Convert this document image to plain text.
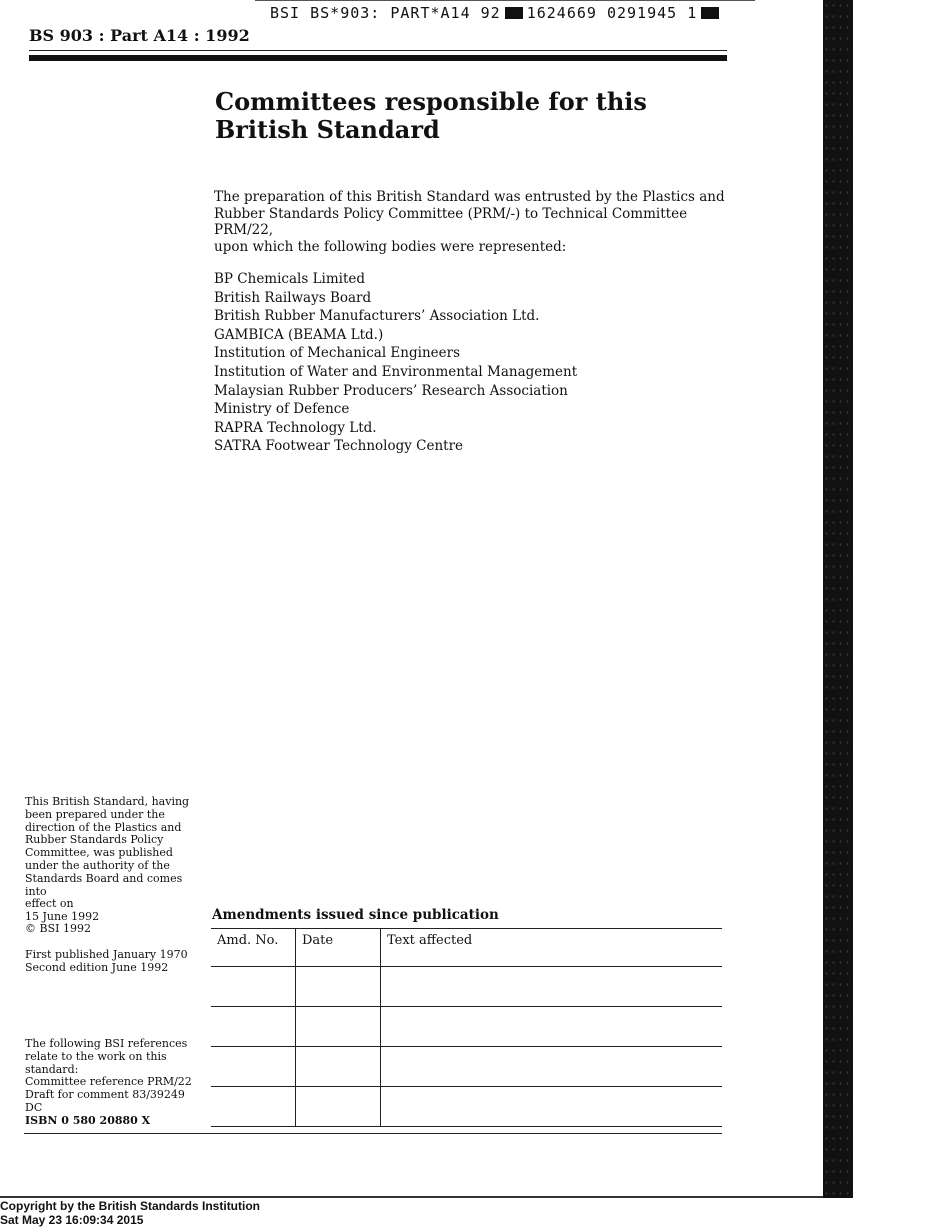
BSI BS*903: PART*A14 92 1624669 0291945 1
BS 903 : Part A14 : 1992
Committees responsible for this
British Standard
The preparation of this British Standard was entrusted by the Plastics and
Rubber Standards Policy Committee (PRM/-) to Technical Committee PRM/22,
upon which the following bodies were represented:
BP Chemicals Limited
British Railways Board
British Rubber Manufacturers’ Association Ltd.
GAMBICA (BEAMA Ltd.)
Institution of Mechanical Engineers
Institution of Water and Environmental Management
Malaysian Rubber Producers’ Research Association
Ministry of Defence
RAPRA Technology Ltd.
SATRA Footwear Technology Centre
This British Standard, having
been prepared under the
direction of the Plastics and
Rubber Standards Policy
Committee, was published
under the authority of the
Standards Board and comes into
effect on
15 June 1992
© BSI 1992
First published January 1970
Second edition June 1992
The following BSI references
relate to the work on this
standard:
Committee reference PRM/22
Draft for comment 83/39249 DC
ISBN 0 580 20880 X
Amendments issued since publication
Amd. No.	Date	Text affected

Copyright by the British Standards Institution
Sat May 23 16:09:34 2015
